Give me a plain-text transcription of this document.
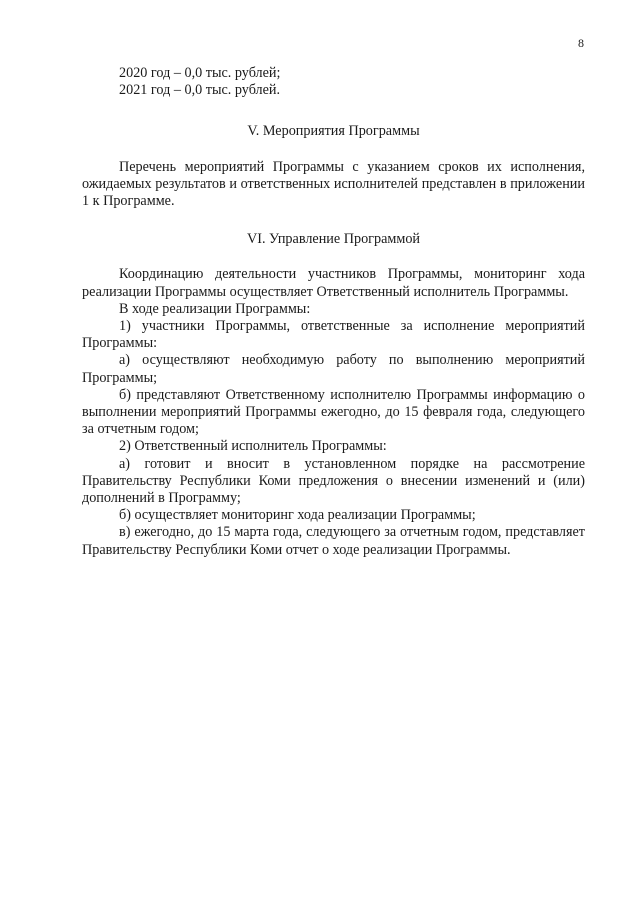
8

2020 год – 0,0 тыс. рублей;

2021 год – 0,0 тыс. рублей.

V. Мероприятия Программы

Перечень мероприятий Программы с указанием сроков их исполнения, ожидаемых результатов и ответственных исполнителей представлен в приложении 1 к Программе.

VI. Управление Программой

Координацию деятельности участников Программы, мониторинг хода реализации Программы осуществляет Ответственный исполнитель Программы.

В ходе реализации Программы:

1) участники Программы, ответственные за исполнение мероприятий Программы:

а) осуществляют необходимую работу по выполнению мероприятий Программы;

б) представляют Ответственному исполнителю Программы информацию о выполнении мероприятий Программы ежегодно, до 15 февраля года, следующего за отчетным годом;

2) Ответственный исполнитель Программы:

а) готовит и вносит в установленном порядке на рассмотрение Правительству Республики Коми предложения о внесении изменений и (или) дополнений в Программу;

б) осуществляет мониторинг хода реализации Программы;

в) ежегодно, до 15 марта года, следующего за отчетным годом, представляет Правительству Республики Коми отчет о ходе реализации Программы.
